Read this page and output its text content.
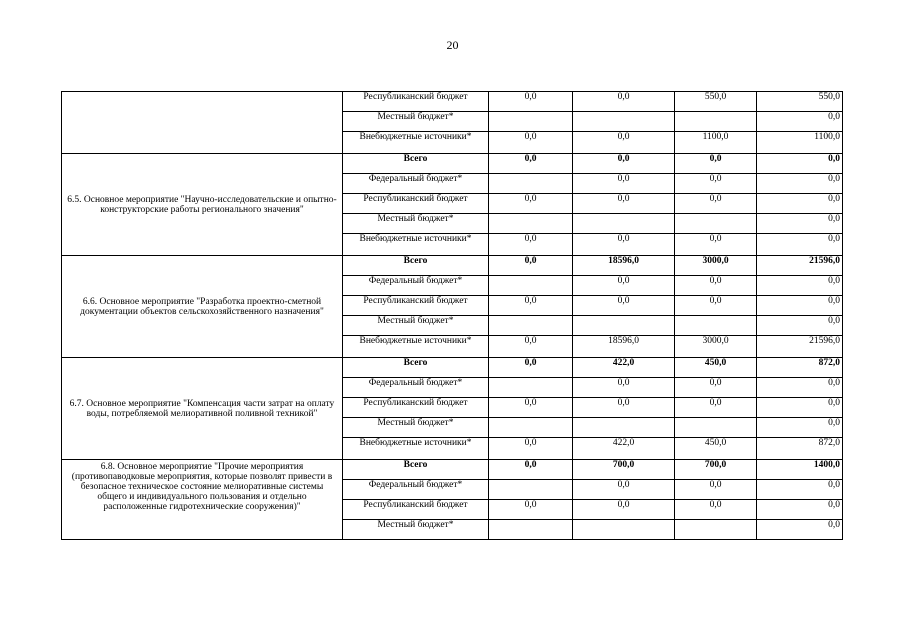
20
	Республиканский бюджет	0,0	0,0	550,0	550,0
	Местный бюджет*				0,0
	Внебюджетные источники*	0,0	0,0	1100,0	1100,0
6.5. Основное мероприятие "Научно-исследовательские и опытно-конструкторские работы регионального значения"	Всего	0,0	0,0	0,0	0,0
	Федеральный бюджет*		0,0	0,0	0,0
	Республиканский бюджет	0,0	0,0	0,0	0,0
	Местный бюджет*				0,0
	Внебюджетные источники*	0,0	0,0	0,0	0,0
6.6. Основное мероприятие "Разработка проектно-сметной документации объектов сельскохозяйственного назначения"	Всего	0,0	18596,0	3000,0	21596,0
	Федеральный бюджет*		0,0	0,0	0,0
	Республиканский бюджет	0,0	0,0	0,0	0,0
	Местный бюджет*				0,0
	Внебюджетные источники*	0,0	18596,0	3000,0	21596,0
6.7. Основное мероприятие "Компенсация части затрат на оплату воды, потребляемой мелиоративной поливной техникой"	Всего	0,0	422,0	450,0	872,0
	Федеральный бюджет*		0,0	0,0	0,0
	Республиканский бюджет	0,0	0,0	0,0	0,0
	Местный бюджет*				0,0
	Внебюджетные источники*	0,0	422,0	450,0	872,0
6.8. Основное мероприятие "Прочие мероприятия (противопаводковые мероприятия, которые позволят привести в безопасное техническое состояние мелиоративные системы общего и индивидуального пользования и отдельно расположенные гидротехнические сооружения)"	Всего	0,0	700,0	700,0	1400,0
	Федеральный бюджет*		0,0	0,0	0,0
	Республиканский бюджет	0,0	0,0	0,0	0,0
	Местный бюджет*				0,0
